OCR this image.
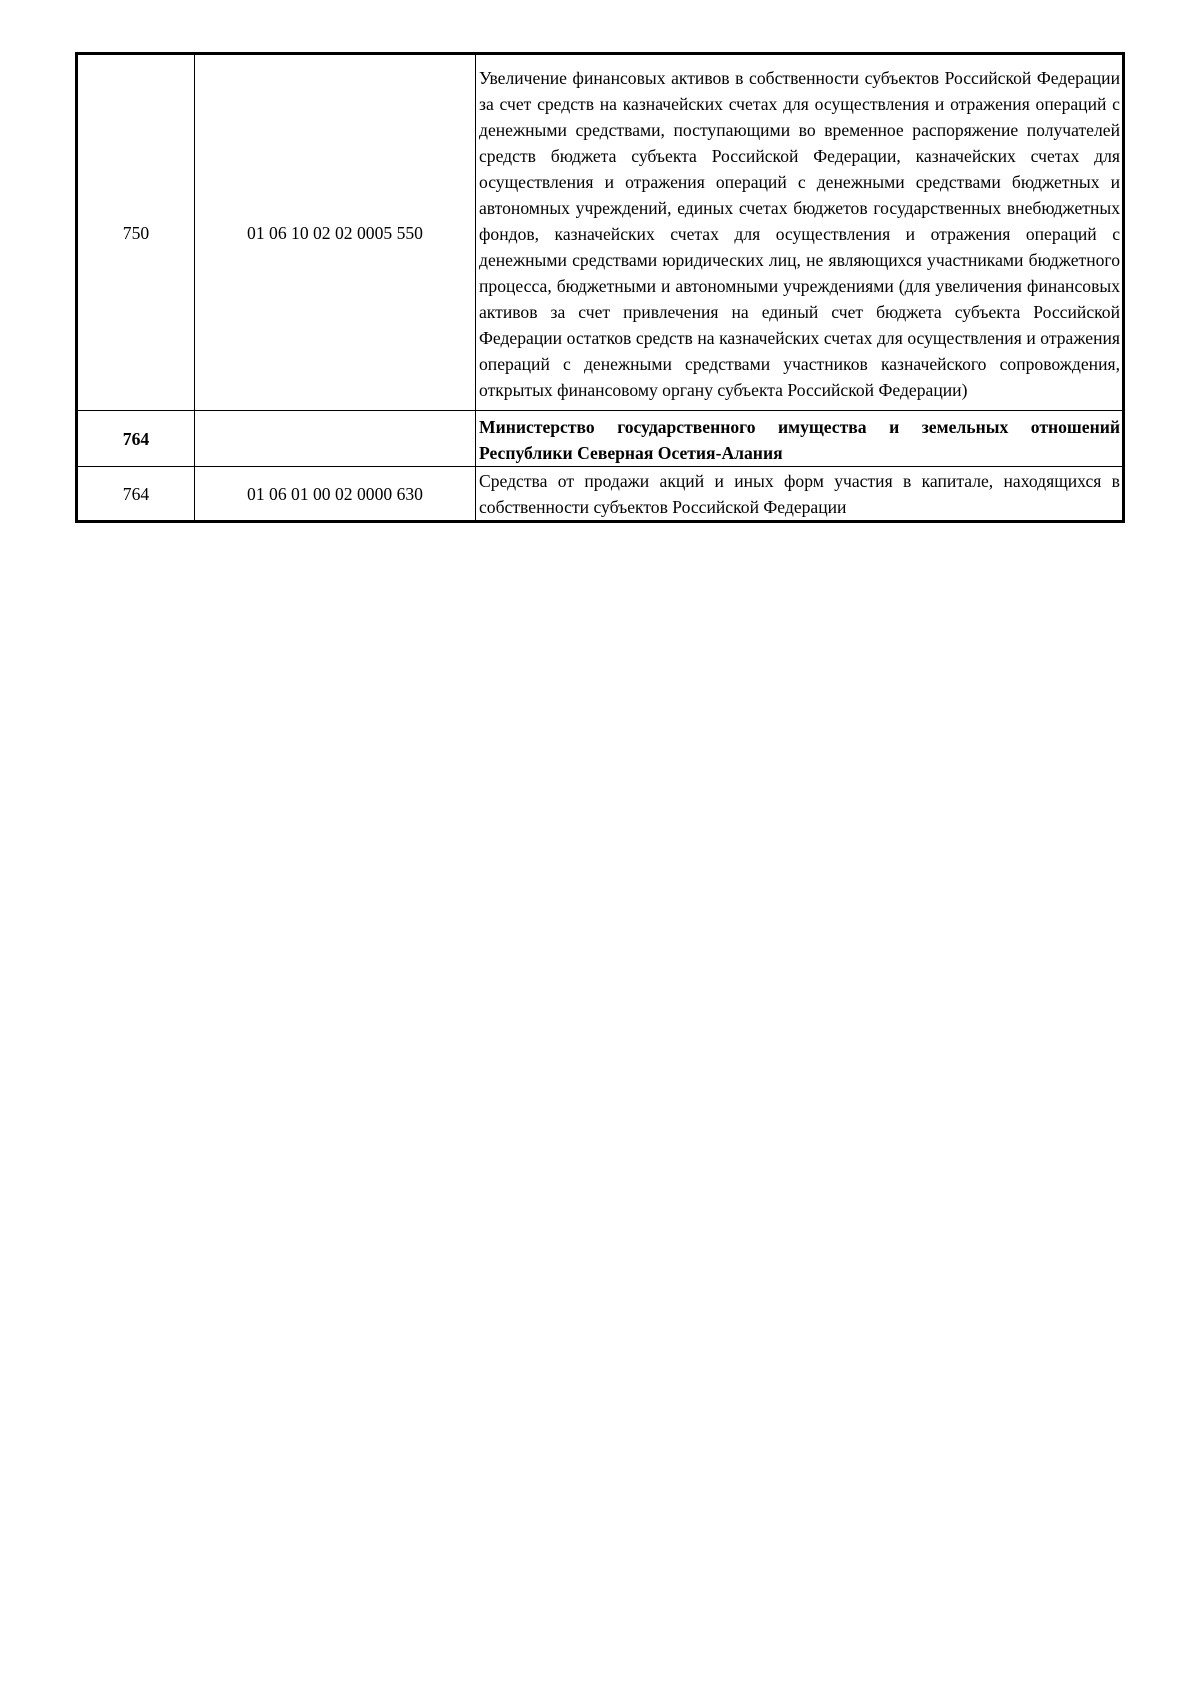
750	01 06 10 02 02 0005 550	Увеличение финансовых активов в собственности субъектов Российской Федерации за счет средств на казначейских счетах для осуществления и отражения операций с денежными средствами, поступающими во временное распоряжение получателей средств бюджета субъекта Российской Федерации, казначейских счетах для осуществления и отражения операций с денежными средствами бюджетных и автономных учреждений, единых счетах бюджетов государственных внебюджетных фондов, казначейских счетах для осуществления и отражения операций с денежными средствами юридических лиц, не являющихся участниками бюджетного процесса, бюджетными и автономными учреждениями (для увеличения финансовых активов за счет привлечения на единый счет бюджета субъекта Российской Федерации остатков средств на казначейских счетах для осуществления и отражения операций с денежными средствами участников казначейского сопровождения, открытых финансовому органу субъекта Российской Федерации)
764		Министерство государственного имущества и земельных отношений Республики Северная Осетия-Алания
764	01 06 01 00 02 0000 630	Средства от продажи акций и иных форм участия в капитале, находящихся в собственности субъектов Российской Федерации
